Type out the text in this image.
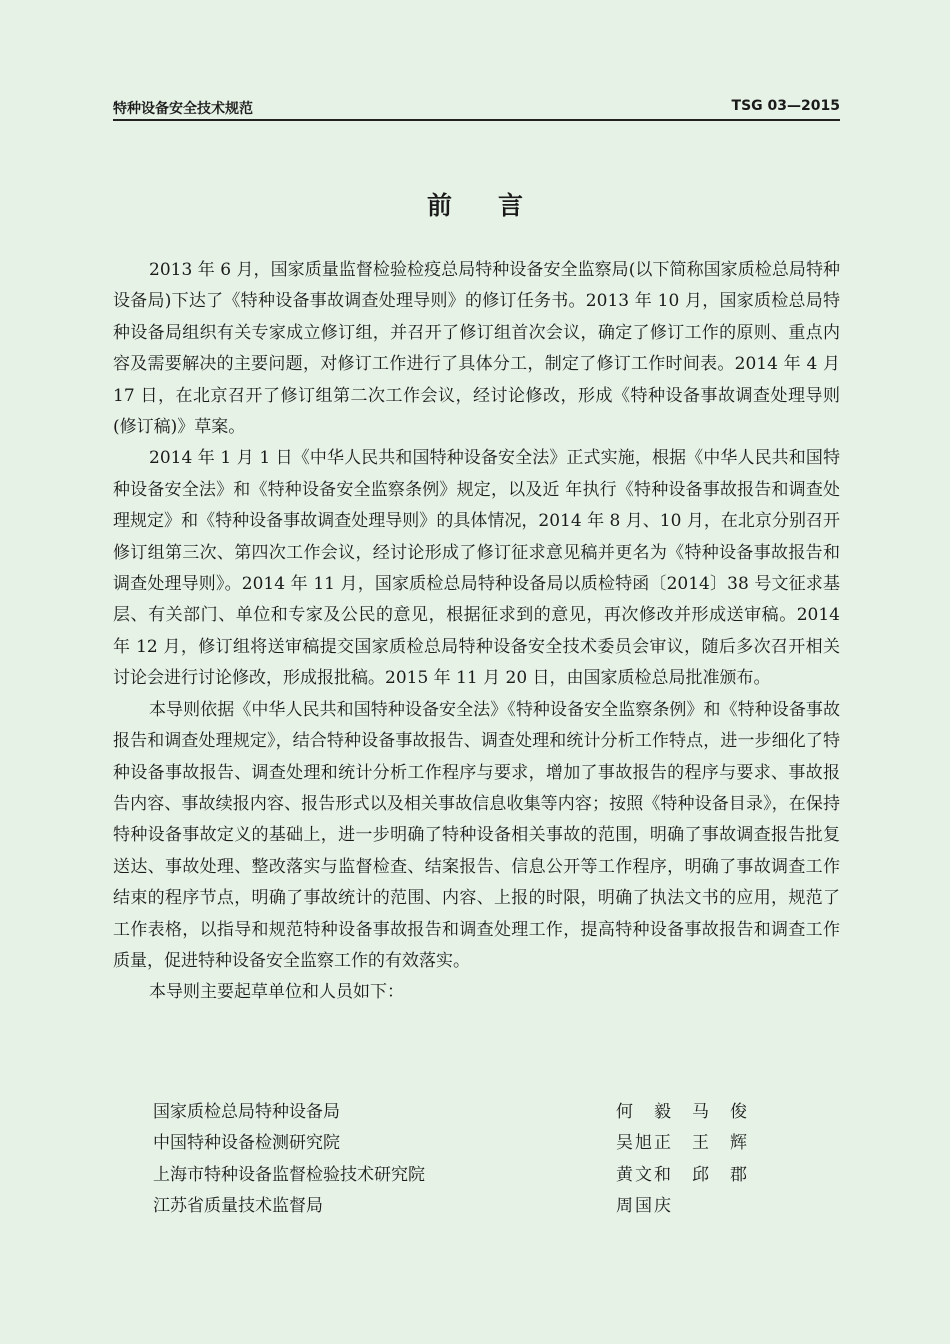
特种设备安全技术规范	TSG 03—2015
前言

2013 年 6 月，国家质量监督检验检疫总局特种设备安全监察局(以下简称国家质检总局特种设备局)下达了《特种设备事故调查处理导则》的修订任务书。2013 年 10 月，国家质检总局特种设备局组织有关专家成立修订组，并召开了修订组首次会议，确定了修订工作的原则、重点内容及需要解决的主要问题，对修订工作进行了具体分工，制定了修订工作时间表。2014 年 4 月 17 日，在北京召开了修订组第二次工作会议，经讨论修改，形成《特种设备事故调查处理导则(修订稿)》草案。

2014 年 1 月 1 日《中华人民共和国特种设备安全法》正式实施，根据《中华人民共和国特种设备安全法》和《特种设备安全监察条例》规定，以及近 年执行《特种设备事故报告和调查处理规定》和《特种设备事故调查处理导则》的具体情况，2014 年 8 月、10 月，在北京分别召开修订组第三次、第四次工作会议，经讨论形成了修订征求意见稿并更名为《特种设备事故报告和调查处理导则》。2014 年 11 月，国家质检总局特种设备局以质检特函〔2014〕38 号文征求基层、有关部门、单位和专家及公民的意见，根据征求到的意见，再次修改并形成送审稿。2014 年 12 月，修订组将送审稿提交国家质检总局特种设备安全技术委员会审议，随后多次召开相关讨论会进行讨论修改，形成报批稿。2015 年 11 月 20 日，由国家质检总局批准颁布。

本导则依据《中华人民共和国特种设备安全法》《特种设备安全监察条例》和《特种设备事故报告和调查处理规定》，结合特种设备事故报告、调查处理和统计分析工作特点，进一步细化了特种设备事故报告、调查处理和统计分析工作程序与要求，增加了事故报告的程序与要求、事故报告内容、事故续报内容、报告形式以及相关事故信息收集等内容；按照《特种设备目录》，在保持特种设备事故定义的基础上，进一步明确了特种设备相关事故的范围，明确了事故调查报告批复送达、事故处理、整改落实与监督检查、结案报告、信息公开等工作程序，明确了事故调查工作结束的程序节点，明确了事故统计的范围、内容、上报的时限，明确了执法文书的应用，规范了工作表格，以指导和规范特种设备事故报告和调查处理工作，提高特种设备事故报告和调查工作质量，促进特种设备安全监察工作的有效落实。

本导则主要起草单位和人员如下：

国家质检总局特种设备局	何　毅　马　俊
中国特种设备检测研究院	吴旭正　王　辉
上海市特种设备监督检验技术研究院	黄文和　邱　郡
江苏省质量技术监督局	周国庆
